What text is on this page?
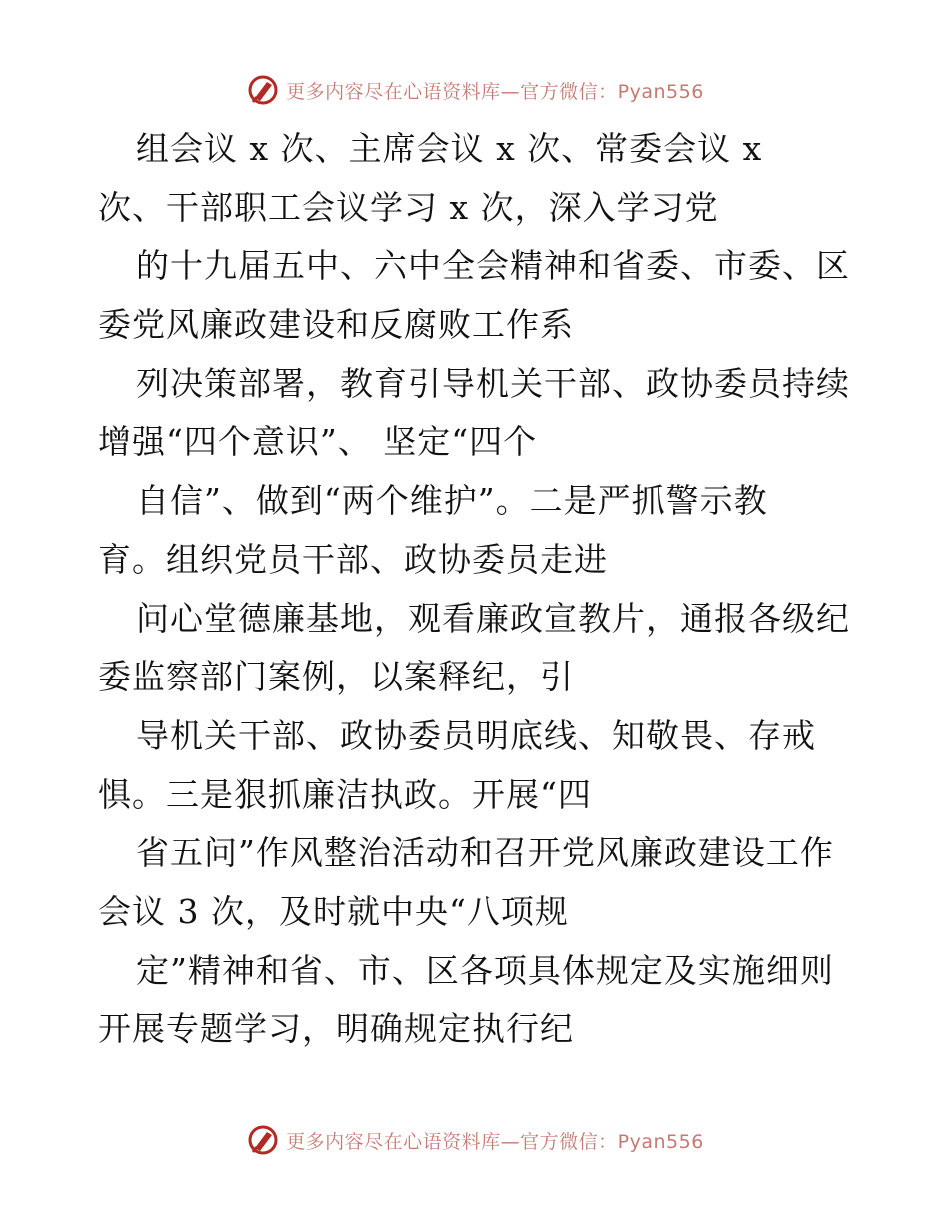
更多内容尽在心语资料库—官方微信：Pyan556
组会议 x 次、主席会议 x 次、常委会议 x
次、干部职工会议学习 x 次，深入学习党
的十九届五中、六中全会精神和省委、市委、区
委党风廉政建设和反腐败工作系
列决策部署，教育引导机关干部、政协委员持续
增强“四个意识”、 坚定“四个
自信”、做到“两个维护”。二是严抓警示教
育。组织党员干部、政协委员走进
问心堂德廉基地，观看廉政宣教片，通报各级纪
委监察部门案例，以案释纪，引
导机关干部、政协委员明底线、知敬畏、存戒
惧。三是狠抓廉洁执政。开展“四
省五问”作风整治活动和召开党风廉政建设工作
会议 3 次，及时就中央“八项规
定”精神和省、市、区各项具体规定及实施细则
开展专题学习，明确规定执行纪
更多内容尽在心语资料库—官方微信：Pyan556
